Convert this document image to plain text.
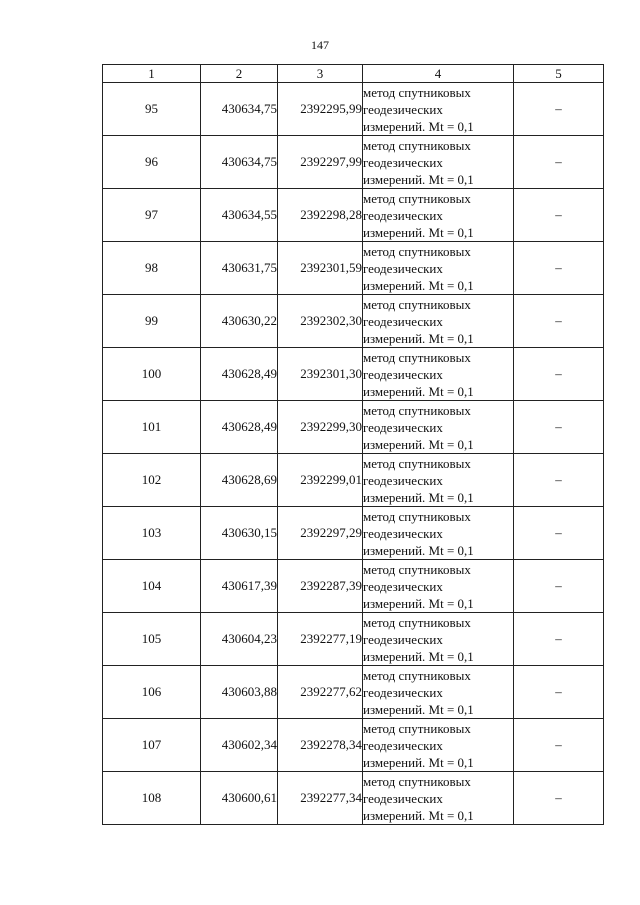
147
1	2	3	4	5
95	430634,75	2392295,99	метод спутниковых
геодезических
измерений. Mt = 0,1	–
96	430634,75	2392297,99	метод спутниковых
геодезических
измерений. Mt = 0,1	–
97	430634,55	2392298,28	метод спутниковых
геодезических
измерений. Mt = 0,1	–
98	430631,75	2392301,59	метод спутниковых
геодезических
измерений. Mt = 0,1	–
99	430630,22	2392302,30	метод спутниковых
геодезических
измерений. Mt = 0,1	–
100	430628,49	2392301,30	метод спутниковых
геодезических
измерений. Mt = 0,1	–
101	430628,49	2392299,30	метод спутниковых
геодезических
измерений. Mt = 0,1	–
102	430628,69	2392299,01	метод спутниковых
геодезических
измерений. Mt = 0,1	–
103	430630,15	2392297,29	метод спутниковых
геодезических
измерений. Mt = 0,1	–
104	430617,39	2392287,39	метод спутниковых
геодезических
измерений. Mt = 0,1	–
105	430604,23	2392277,19	метод спутниковых
геодезических
измерений. Mt = 0,1	–
106	430603,88	2392277,62	метод спутниковых
геодезических
измерений. Mt = 0,1	–
107	430602,34	2392278,34	метод спутниковых
геодезических
измерений. Mt = 0,1	–
108	430600,61	2392277,34	метод спутниковых
геодезических
измерений. Mt = 0,1	–
